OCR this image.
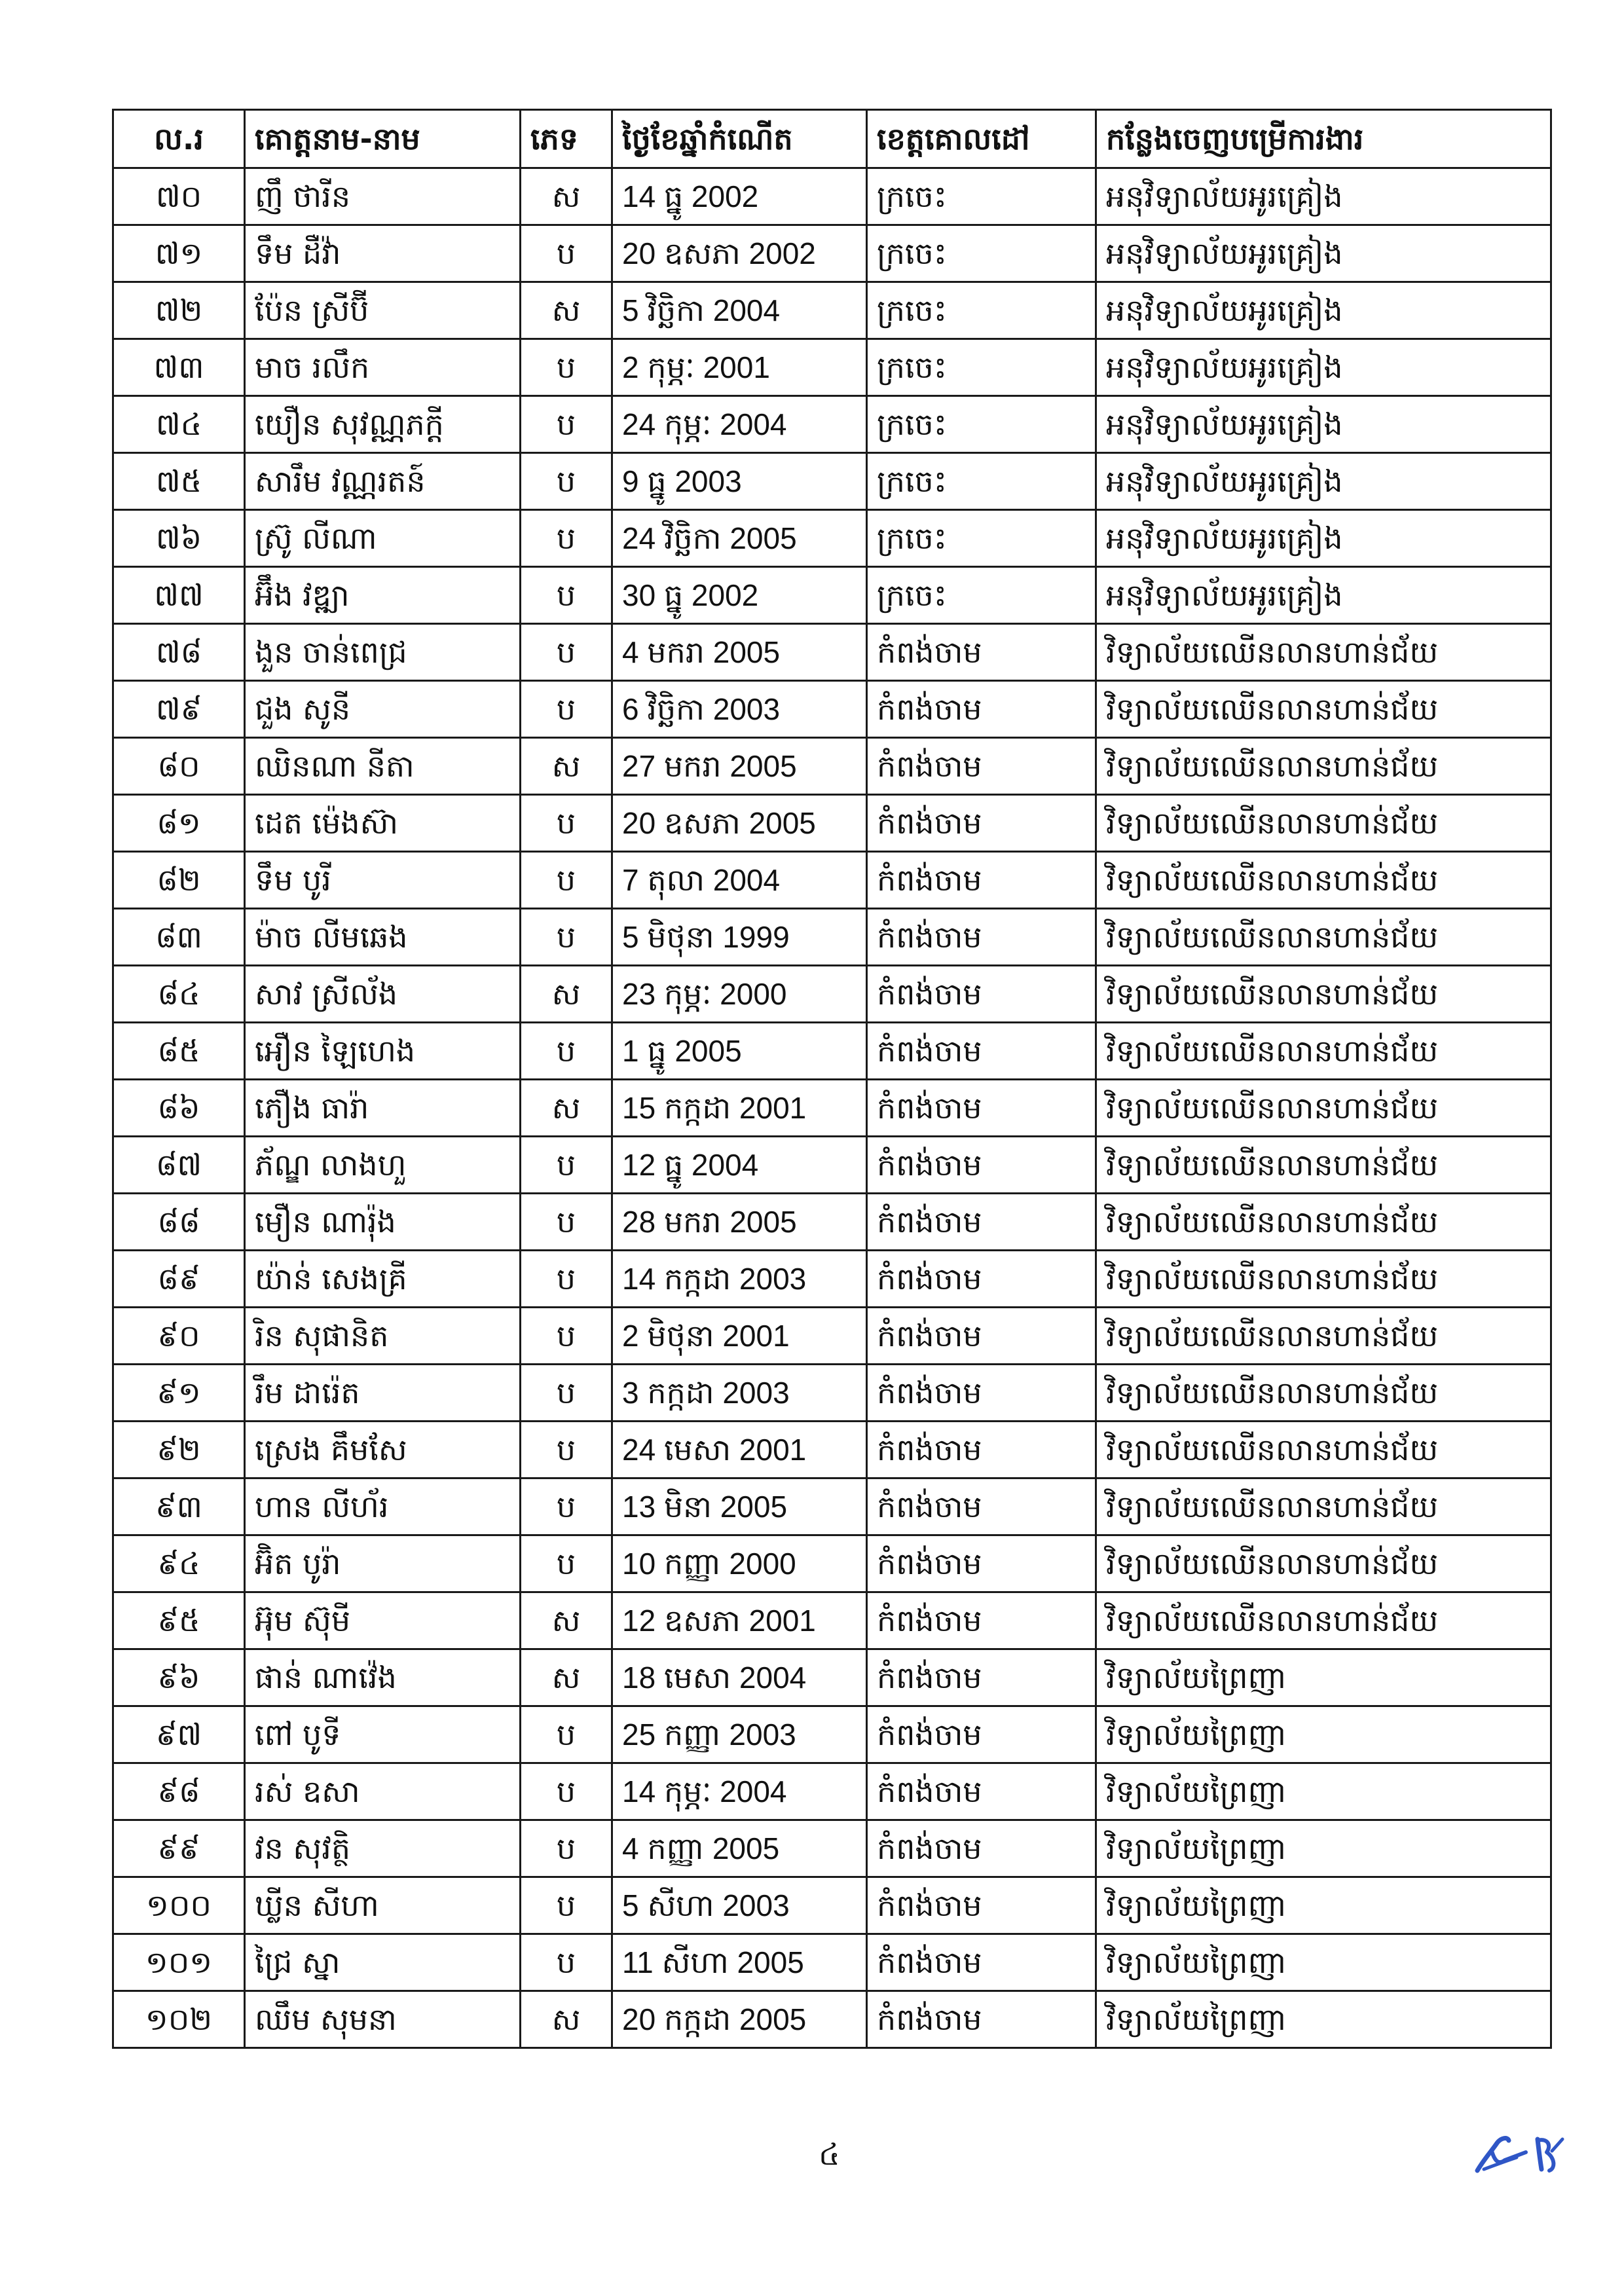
ល.រ	គោត្តនាម-នាម	ភេទ	ថ្ងៃខែឆ្នាំកំណើត	ខេត្តគោលដៅ	កន្លែងចេញបម្រើការងារ
៧០	ញឹ ថារីន	ស	14 ធ្នូ 2002	ក្រចេះ	អនុវិទ្យាល័យអូរគ្រៀង
៧១	ទឹម ដឺវ៉ា	ប	20 ឧសភា 2002	ក្រចេះ	អនុវិទ្យាល័យអូរគ្រៀង
៧២	ប៉ែន ស្រីប៊ី	ស	5 វិច្ឆិកា 2004	ក្រចេះ	អនុវិទ្យាល័យអូរគ្រៀង
៧៣	មាច រលឹក	ប	2 កុម្ភៈ 2001	ក្រចេះ	អនុវិទ្យាល័យអូរគ្រៀង
៧៤	យឿន សុវណ្ណភក្តី	ប	24 កុម្ភៈ 2004	ក្រចេះ	អនុវិទ្យាល័យអូរគ្រៀង
៧៥	សារឹម វណ្ណរតន៍	ប	9 ធ្នូ 2003	ក្រចេះ	អនុវិទ្យាល័យអូរគ្រៀង
៧៦	ស្រ៊ូ លីណា	ប	24 វិច្ឆិកា 2005	ក្រចេះ	អនុវិទ្យាល័យអូរគ្រៀង
៧៧	អ៊ឹង វឌ្ឍា	ប	30 ធ្នូ 2002	ក្រចេះ	អនុវិទ្យាល័យអូរគ្រៀង
៧៨	ងួន ចាន់ពេជ្រ	ប	4 មករា 2005	កំពង់ចាម	វិទ្យាល័យឈើនលានហាន់ជ័យ
៧៩	ជួង សូនី	ប	6 វិច្ឆិកា 2003	កំពង់ចាម	វិទ្យាល័យឈើនលានហាន់ជ័យ
៨០	ឈិនណា នីតា	ស	27 មករា 2005	កំពង់ចាម	វិទ្យាល័យឈើនលានហាន់ជ័យ
៨១	ដេត ម៉េងស៊ា	ប	20 ឧសភា 2005	កំពង់ចាម	វិទ្យាល័យឈើនលានហាន់ជ័យ
៨២	ទឹម បូរី	ប	7 តុលា 2004	កំពង់ចាម	វិទ្យាល័យឈើនលានហាន់ជ័យ
៨៣	ម៉ាច លីមឆេង	ប	5 មិថុនា 1999	កំពង់ចាម	វិទ្យាល័យឈើនលានហាន់ជ័យ
៨៤	សាវ ស្រីល័ង	ស	23 កុម្ភៈ 2000	កំពង់ចាម	វិទ្យាល័យឈើនលានហាន់ជ័យ
៨៥	អឿន ឡៃហេង	ប	1 ធ្នូ 2005	កំពង់ចាម	វិទ្យាល័យឈើនលានហាន់ជ័យ
៨៦	ភឿង ធារ៉ា	ស	15 កក្កដា 2001	កំពង់ចាម	វិទ្យាល័យឈើនលានហាន់ជ័យ
៨៧	ភ័ណ្ឌ លាងហួ	ប	12 ធ្នូ 2004	កំពង់ចាម	វិទ្យាល័យឈើនលានហាន់ជ័យ
៨៨	មឿន ណារ៉ុង	ប	28 មករា 2005	កំពង់ចាម	វិទ្យាល័យឈើនលានហាន់ជ័យ
៨៩	យ៉ាន់ សេងគ្រី	ប	14 កក្កដា 2003	កំពង់ចាម	វិទ្យាល័យឈើនលានហាន់ជ័យ
៩០	រិន សុផានិត	ប	2 មិថុនា 2001	កំពង់ចាម	វិទ្យាល័យឈើនលានហាន់ជ័យ
៩១	រឹម ដារ៉េត	ប	3 កក្កដា 2003	កំពង់ចាម	វិទ្យាល័យឈើនលានហាន់ជ័យ
៩២	ស្រេង គឹមសែ	ប	24 មេសា 2001	កំពង់ចាម	វិទ្យាល័យឈើនលានហាន់ជ័យ
៩៣	ហាន លីហ័រ	ប	13 មិនា 2005	កំពង់ចាម	វិទ្យាល័យឈើនលានហាន់ជ័យ
៩៤	អ៊ិត បូរ៉ា	ប	10 កញ្ញា 2000	កំពង់ចាម	វិទ្យាល័យឈើនលានហាន់ជ័យ
៩៥	អ៊ុម ស៊ុមី	ស	12 ឧសភា 2001	កំពង់ចាម	វិទ្យាល័យឈើនលានហាន់ជ័យ
៩៦	ផាន់ ណាវ៉េង	ស	18 មេសា 2004	កំពង់ចាម	វិទ្យាល័យព្រៃញា
៩៧	ពៅ បូទី	ប	25 កញ្ញា 2003	កំពង់ចាម	វិទ្យាល័យព្រៃញា
៩៨	រស់ ឧសា	ប	14 កុម្ភៈ 2004	កំពង់ចាម	វិទ្យាល័យព្រៃញា
៩៩	វន សុវត្ថិ	ប	4 កញ្ញា 2005	កំពង់ចាម	វិទ្យាល័យព្រៃញា
១០០	ឃ្លីន សីហា	ប	5 សីហា 2003	កំពង់ចាម	វិទ្យាល័យព្រៃញា
១០១	ជ្រៃ ស្នា	ប	11 សីហា 2005	កំពង់ចាម	វិទ្យាល័យព្រៃញា
១០២	ឈឹម សុមនា	ស	20 កក្កដា 2005	កំពង់ចាម	វិទ្យាល័យព្រៃញា
៤
